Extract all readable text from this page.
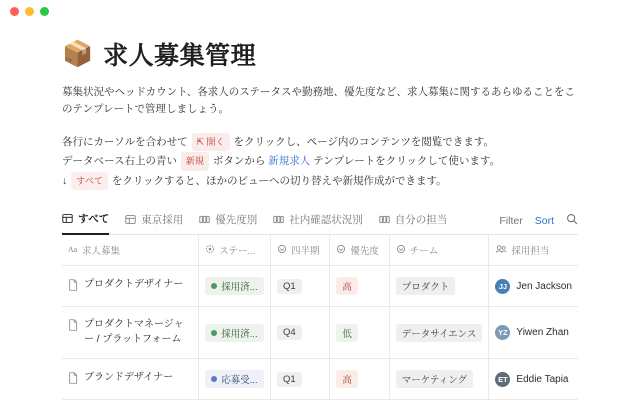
📦 求人募集管理
募集状況やヘッドカウント、各求人のステータスや勤務地、優先度など、求人募集に関するあらゆることをこのテンプレートで管理しましょう。
各行にカーソルを合わせて ⇱ 開く をクリックし、ページ内のコンテンツを閲覧できます。
データベース右上の青い 新規 ボタンから 新規求人 テンプレートをクリックして使います。
↓ すべて をクリックすると、ほかのビューへの切り替えや新規作成ができます。
すべて	東京採用	優先度別	社内確認状況別	自分の担当	Filter Sort
Aa 求人募集	ステー...	四半期	優先度	チーム	採用担当

プロダクトデザイナー	採用済...	Q1	高	プロダクト	JJ Jen Jackson

プロダクトマネージャー / プラットフォーム	採用済...	Q4	低	データサイエンス	YZ Yiwen Zhan

ブランドデザイナー	応募受...	Q1	高	マーケティング	ET Eddie Tapia
